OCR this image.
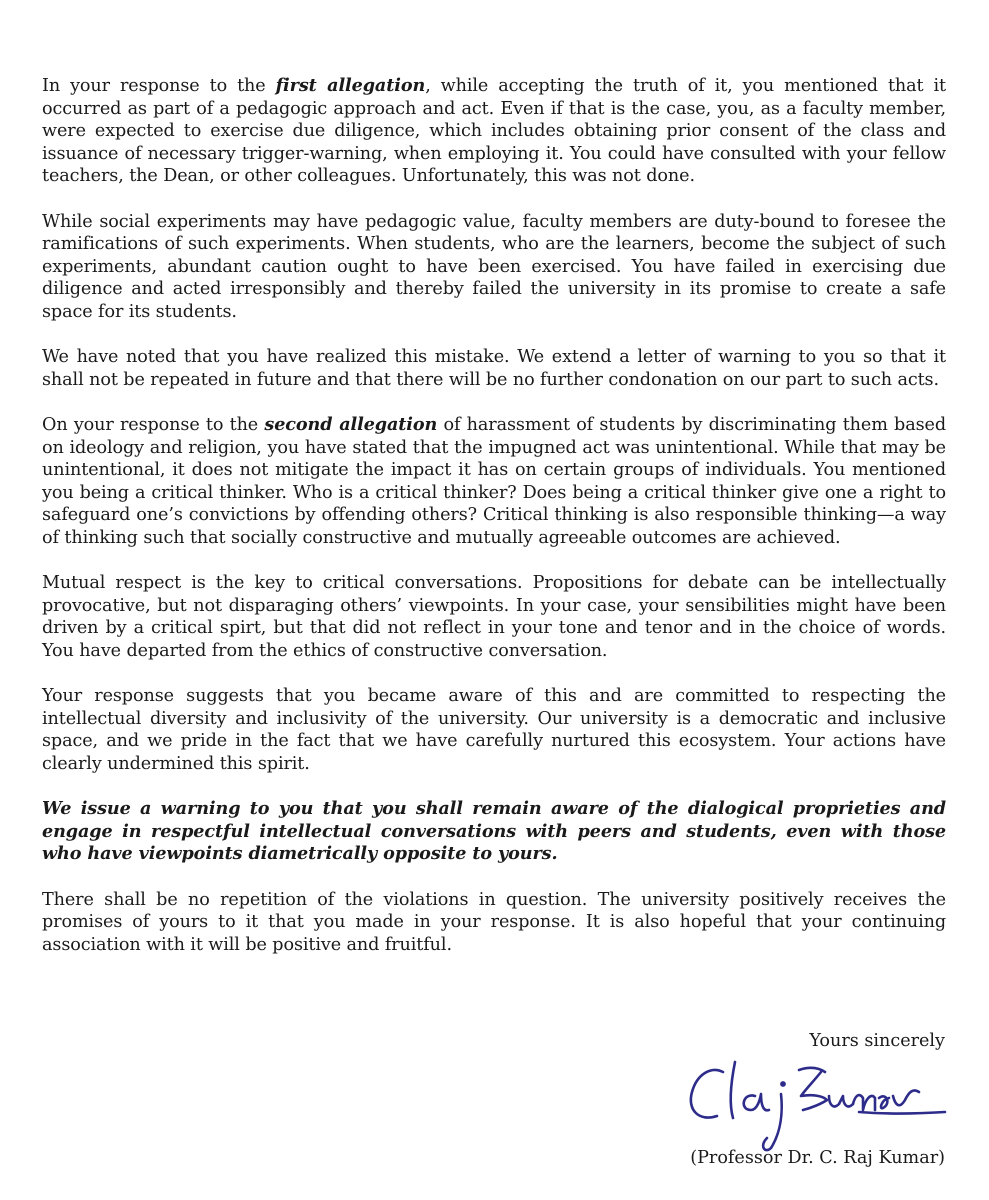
In your response to the first allegation, while accepting the truth of it, you mentioned that it occurred as part of a pedagogic approach and act. Even if that is the case, you, as a faculty member, were expected to exercise due diligence, which includes obtaining prior consent of the class and issuance of necessary trigger-warning, when employing it. You could have consulted with your fellow teachers, the Dean, or other colleagues. Unfortunately, this was not done.

While social experiments may have pedagogic value, faculty members are duty-bound to foresee the ramifications of such experiments. When students, who are the learners, become the subject of such experiments, abundant caution ought to have been exercised. You have failed in exercising due diligence and acted irresponsibly and thereby failed the university in its promise to create a safe space for its students.

We have noted that you have realized this mistake. We extend a letter of warning to you so that it shall not be repeated in future and that there will be no further condonation on our part to such acts.

On your response to the second allegation of harassment of students by discriminating them based on ideology and religion, you have stated that the impugned act was unintentional. While that may be unintentional, it does not mitigate the impact it has on certain groups of individuals. You mentioned you being a critical thinker. Who is a critical thinker? Does being a critical thinker give one a right to safeguard one’s convictions by offending others? Critical thinking is also responsible thinking—a way of thinking such that socially constructive and mutually agreeable outcomes are achieved.

Mutual respect is the key to critical conversations. Propositions for debate can be intellectually provocative, but not disparaging others’ viewpoints. In your case, your sensibilities might have been driven by a critical spirt, but that did not reflect in your tone and tenor and in the choice of words. You have departed from the ethics of constructive conversation.

Your response suggests that you became aware of this and are committed to respecting the intellectual diversity and inclusivity of the university. Our university is a democratic and inclusive space, and we pride in the fact that we have carefully nurtured this ecosystem. Your actions have clearly undermined this spirit.

We issue a warning to you that you shall remain aware of the dialogical proprieties and engage in respectful intellectual conversations with peers and students, even with those who have viewpoints diametrically opposite to yours.

There shall be no repetition of the violations in question. The university positively receives the promises of yours to it that you made in your response. It is also hopeful that your continuing association with it will be positive and fruitful.

Yours sincerely
(Professor Dr. C. Raj Kumar)
